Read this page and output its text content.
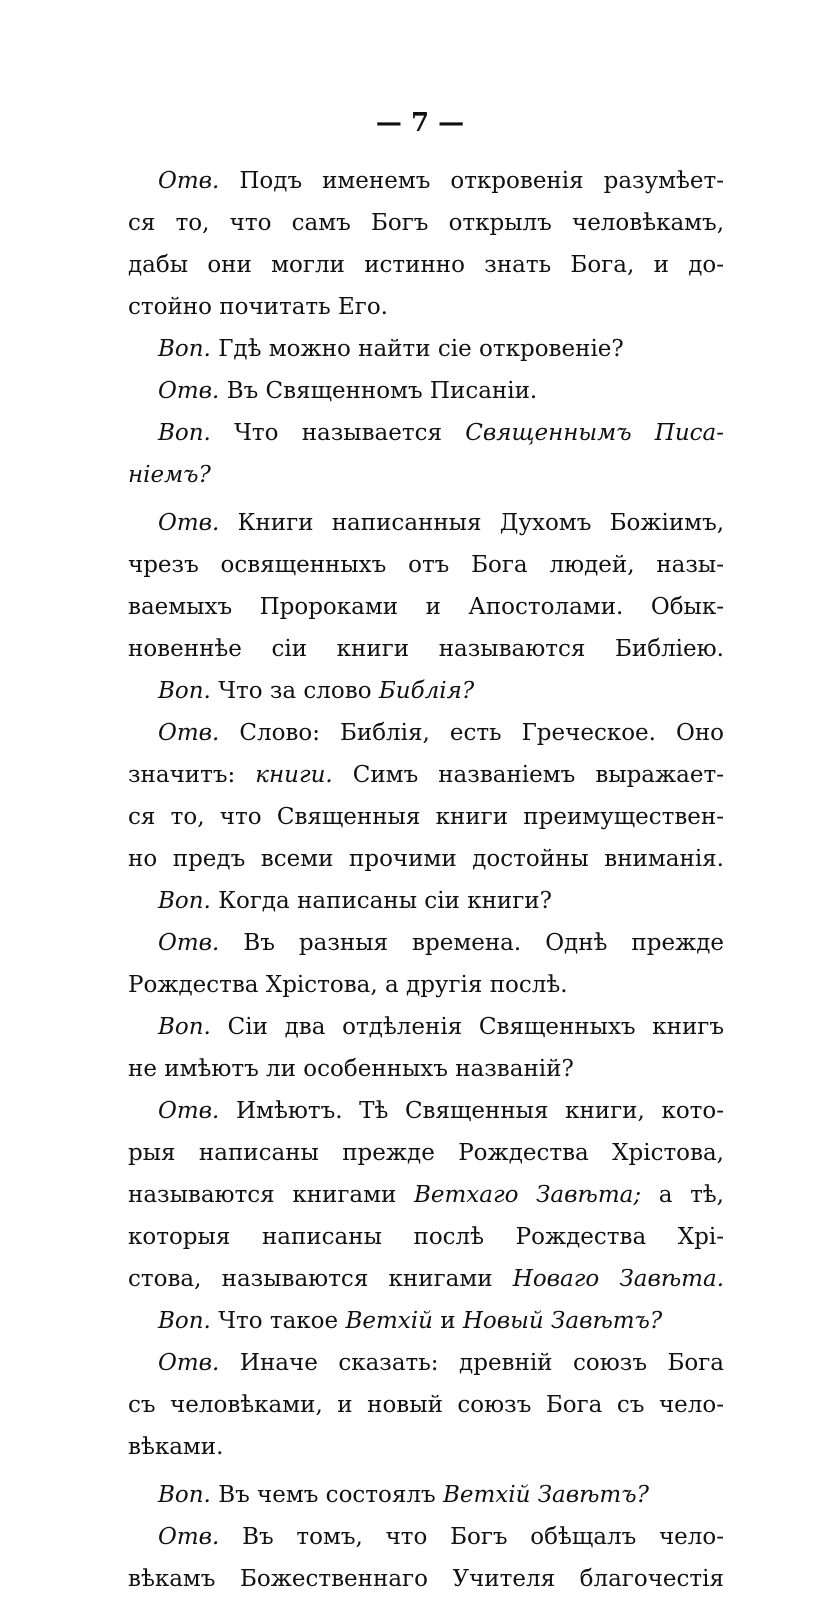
— 7 —
Отв. Подъ именемъ откровенія разумѣет-
ся то, что самъ Богъ открылъ человѣкамъ,
дабы они могли истинно знать Бога, и до-
стойно почитать Его.
Воп. Гдѣ можно найти сіе откровеніе?
Отв. Въ Священномъ Писаніи.
Воп. Что называется Священнымъ Писа-
ніемъ?
Отв. Книги написанныя Духомъ Божіимъ,
чрезъ освященныхъ отъ Бога людей, назы-
ваемыхъ Пророками и Апостолами. Обык-
новеннѣе сіи книги называются Библіею.
Воп. Что за слово Библія?
Отв. Слово: Библія, есть Греческое. Оно
значитъ: книги. Симъ названіемъ выражает-
ся то, что Священныя книги преимуществен-
но предъ всеми прочими достойны вниманія.
Воп. Когда написаны сіи книги?
Отв. Въ разныя времена. Однѣ прежде
Рождества Хрістова, а другія послѣ.
Воп. Сіи два отдѣленія Священныхъ книгъ
не имѣютъ ли особенныхъ названій?
Отв. Имѣютъ. Тѣ Священныя книги, кото-
рыя написаны прежде Рождества Хрістова,
называются книгами Ветхаго Завѣта; а тѣ,
которыя написаны послѣ Рождества Хрі-
стова, называются книгами Новаго Завѣта.
Воп. Что такое Ветхій и Новый Завѣтъ?
Отв. Иначе сказать: древній союзъ Бога
съ человѣками, и новый союзъ Бога съ чело-
вѣками.
Воп. Въ чемъ состоялъ Ветхій Завѣтъ?
Отв. Въ томъ, что Богъ обѣщалъ чело-
вѣкамъ Божественнаго Учителя благочестія
